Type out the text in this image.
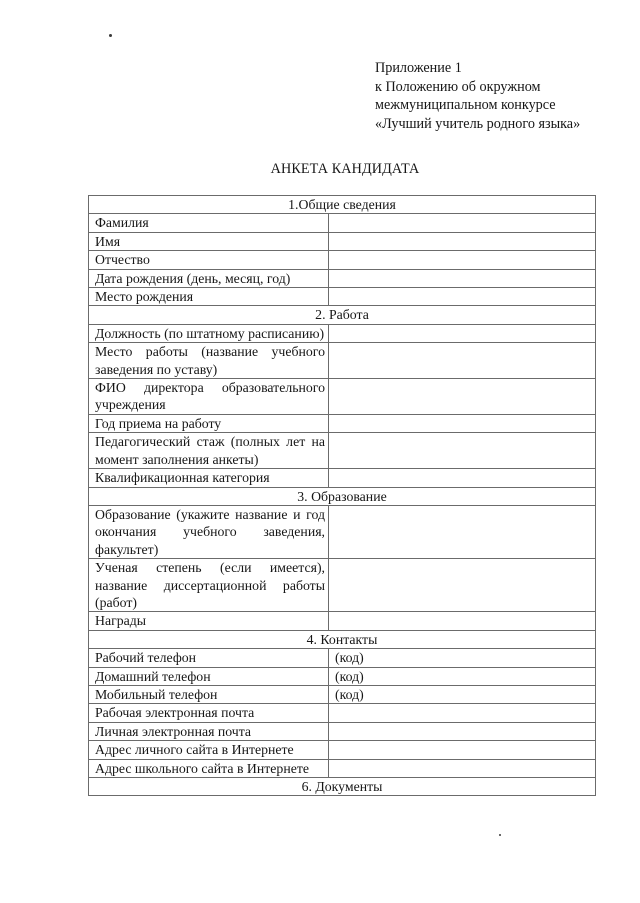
Приложение 1
к Положению об окружном
межмуниципальном конкурсе
«Лучший учитель родного языка»
АНКЕТА КАНДИДАТА
1.Общие сведения	
Фамилия	
Имя	
Отчество	
Дата рождения (день, месяц, год)	
Место рождения	
2. Работа	
Должность (по штатному расписанию)	
Место работы (название учебного заведения по уставу)	
ФИО директора образовательного учреждения	
Год приема на работу	
Педагогический стаж (полных лет на момент заполнения анкеты)	
Квалификационная категория	
3. Образование	
Образование (укажите название и год окончания учебного заведения, факультет)	
Ученая степень (если имеется), название диссертационной работы (работ)	
Награды	
4. Контакты	
Рабочий телефон	(код)
Домашний телефон	(код)
Мобильный телефон	(код)
Рабочая электронная почта	
Личная электронная почта	
Адрес личного сайта в Интернете	
Адрес школьного сайта в Интернете	
6. Документы	
